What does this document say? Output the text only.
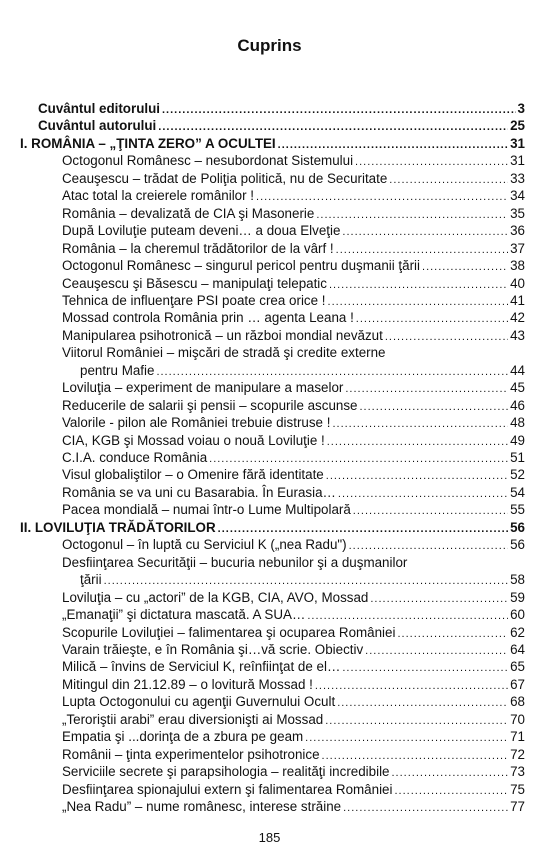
Cuprins
Cuvântul editorului .....	3
Cuvântul autorului .....	25
I. ROMÂNIA – „ŢINTA ZERO” A OCULTEI .....	31
Octogonul Românesc – nesubordonat Sistemului .....	31
Ceauşescu – trădat de Poliţia politică, nu de Securitate .....	33
Atac total la creierele românilor ! .....	34
România – devalizată de CIA şi Masonerie .....	35
După Loviluţie puteam deveni… a doua Elveţie .....	36
România – la cheremul trădătorilor de la vârf ! .....	37
Octogonul Românesc – singurul pericol pentru duşmanii ţării .....	38
Ceauşescu şi Băsescu – manipulaţi telepatic .....	40
Tehnica de influenţare PSI poate crea orice ! .....	41
Mossad controla România prin … agenta Leana ! .....	42
Manipularea psihotronică – un război mondial nevăzut .....	43
Viitorul României – mişcări de stradă şi credite externe
pentru Mafie .....	44
Loviluţia – experiment de manipulare a maselor .....	45
Reducerile de salarii şi pensii – scopurile ascunse .....	46
Valorile - pilon ale României trebuie distruse ! .....	48
CIA, KGB şi Mossad voiau o nouă Loviluţie ! .....	49
C.I.A. conduce România .....	51
Visul globaliştilor – o Omenire fără identitate .....	52
România se va uni cu Basarabia. În Eurasia… .....	54
Pacea mondială – numai într-o Lume Multipolară .....	55
II. LOVILUŢIA TRĂDĂTORILOR .....	56
Octogonul – în luptă cu Serviciul K („nea Radu") .....	56
Desfiinţarea Securităţii – bucuria nebunilor şi a duşmanilor
ţării .....	58
Loviluţia – cu „actori” de la KGB, CIA, AVO, Mossad .....	59
„Emanaţii” şi dictatura mascată. A SUA… .....	60
Scopurile Loviluţiei – falimentarea şi ocuparea României .....	62
Varain trăieşte, e în România şi…vă scrie. Obiectiv .....	64
Milică – învins de Serviciul K, reînfiinţat de el… .....	65
Mitingul din 21.12.89 – o lovitură Mossad ! .....	67
Lupta Octogonului cu agenţii Guvernului Ocult .....	68
„Teroriştii arabi” erau diversionişti ai Mossad .....	70
Empatia şi ...dorinţa de a zbura pe geam .....	71
Românii – ţinta experimentelor psihotronice .....	72
Serviciile secrete şi parapsihologia – realităţi incredibile .....	73
Desfiinţarea spionajului extern şi falimentarea României .....	75
„Nea Radu” – nume românesc, interese străine .....	77
185
